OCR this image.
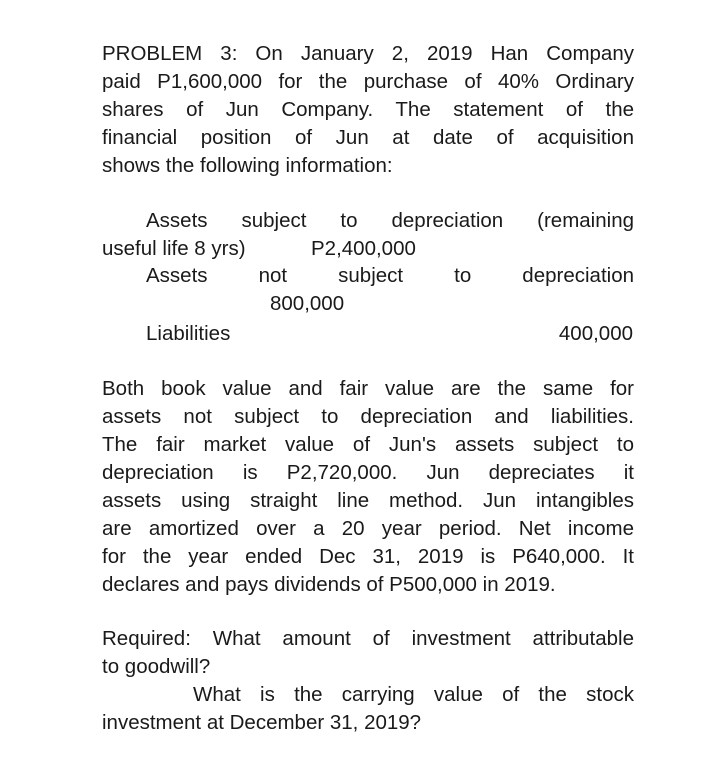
PROBLEM 3: On January 2, 2019 Han Company
paid P1,600,000 for the purchase of 40% Ordinary
shares of Jun Company. The statement of the
financial position of Jun at date of acquisition
shows the following information:
Assets subject to depreciation (remaining
useful life 8 yrs)	P2,400,000
Assets not subject to depreciation
800,000
Liabilities	400,000
Both book value and fair value are the same for
assets not subject to depreciation and liabilities.
The fair market value of Jun's assets subject to
depreciation is P2,720,000. Jun depreciates it
assets using straight line method. Jun intangibles
are amortized over a 20 year period. Net income
for the year ended Dec 31, 2019 is P640,000. It
declares and pays dividends of P500,000 in 2019.
Required: What amount of investment attributable
to goodwill?
What is the carrying value of the stock
investment at December 31, 2019?
